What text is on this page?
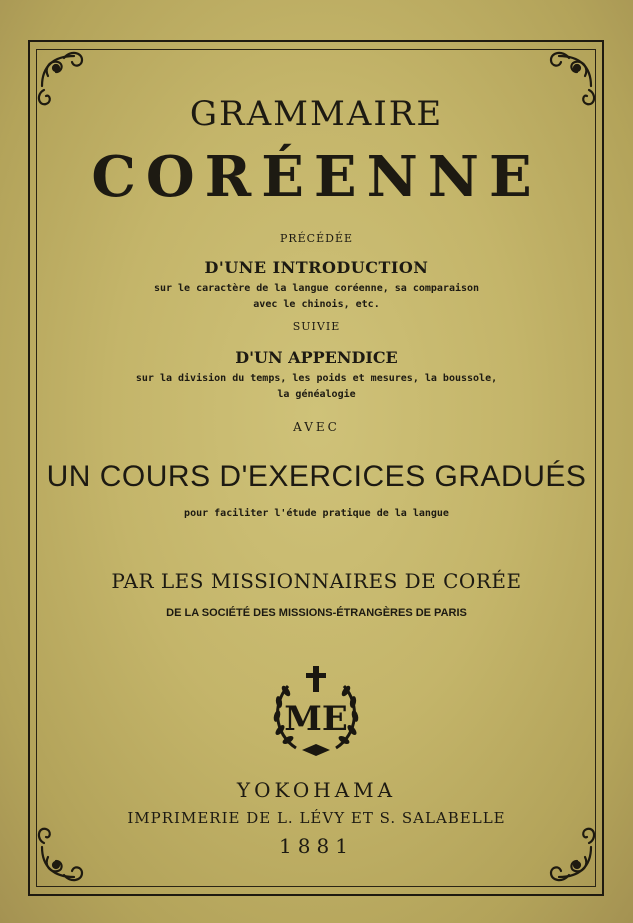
GRAMMAIRE
CORÉENNE
PRÉCÉDÉE
D'UNE INTRODUCTION
sur le caractère de la langue coréenne, sa comparaison
avec le chinois, etc.
SUIVIE
D'UN APPENDICE
sur la division du temps, les poids et mesures, la boussole,
la généalogie
AVEC
UN COURS D'EXERCICES GRADUÉS
pour faciliter l'étude pratique de la langue
PAR LES MISSIONNAIRES DE CORÉE
DE LA SOCIÉTÉ DES MISSIONS-ÉTRANGÈRES DE PARIS
ME
YOKOHAMA
IMPRIMERIE DE L. LÉVY ET S. SALABELLE
1881
